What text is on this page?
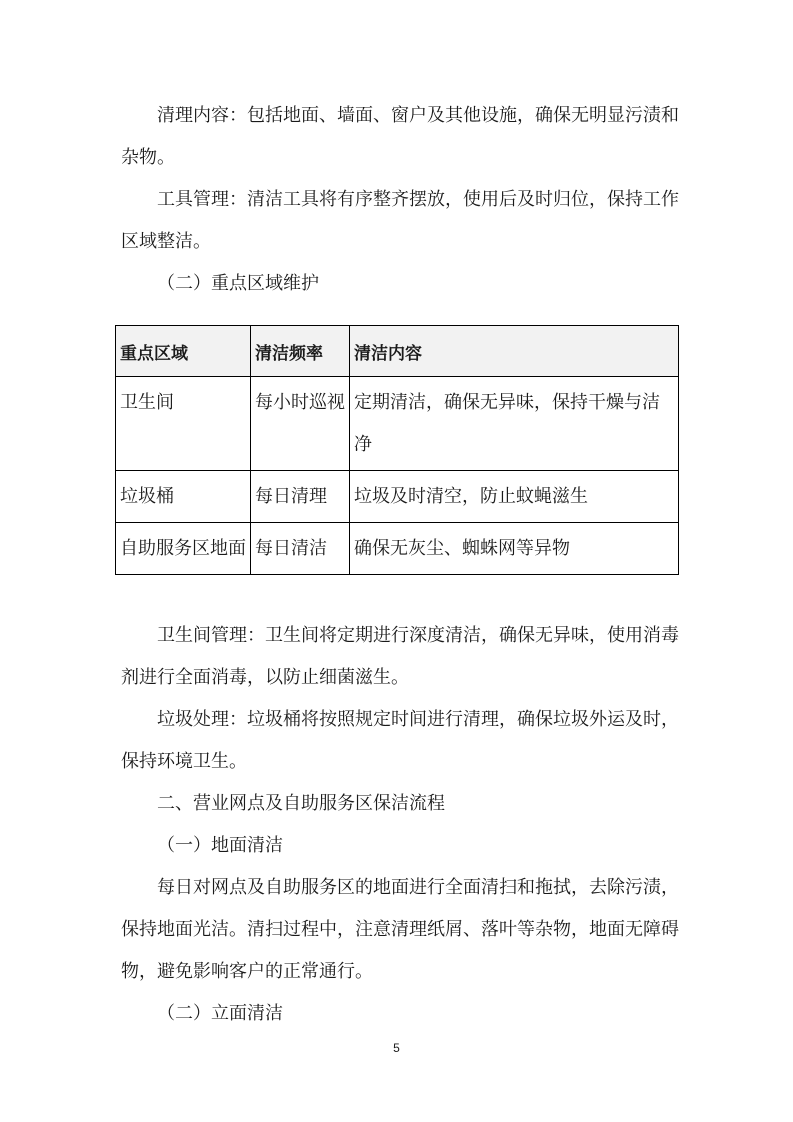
清理内容：包括地面、墙面、窗户及其他设施，确保无明显污渍和杂物。

工具管理：清洁工具将有序整齐摆放，使用后及时归位，保持工作区域整洁。

（二）重点区域维护

重点区域	清洁频率	清洁内容
卫生间	每小时巡视	定期清洁，确保无异味，保持干燥与洁净
垃圾桶	每日清理	垃圾及时清空，防止蚊蝇滋生
自助服务区地面	每日清洁	确保无灰尘、蜘蛛网等异物

卫生间管理：卫生间将定期进行深度清洁，确保无异味，使用消毒剂进行全面消毒，以防止细菌滋生。

垃圾处理：垃圾桶将按照规定时间进行清理，确保垃圾外运及时，保持环境卫生。

二、营业网点及自助服务区保洁流程

（一）地面清洁

每日对网点及自助服务区的地面进行全面清扫和拖拭，去除污渍，保持地面光洁。清扫过程中，注意清理纸屑、落叶等杂物，地面无障碍物，避免影响客户的正常通行。

（二）立面清洁

5
